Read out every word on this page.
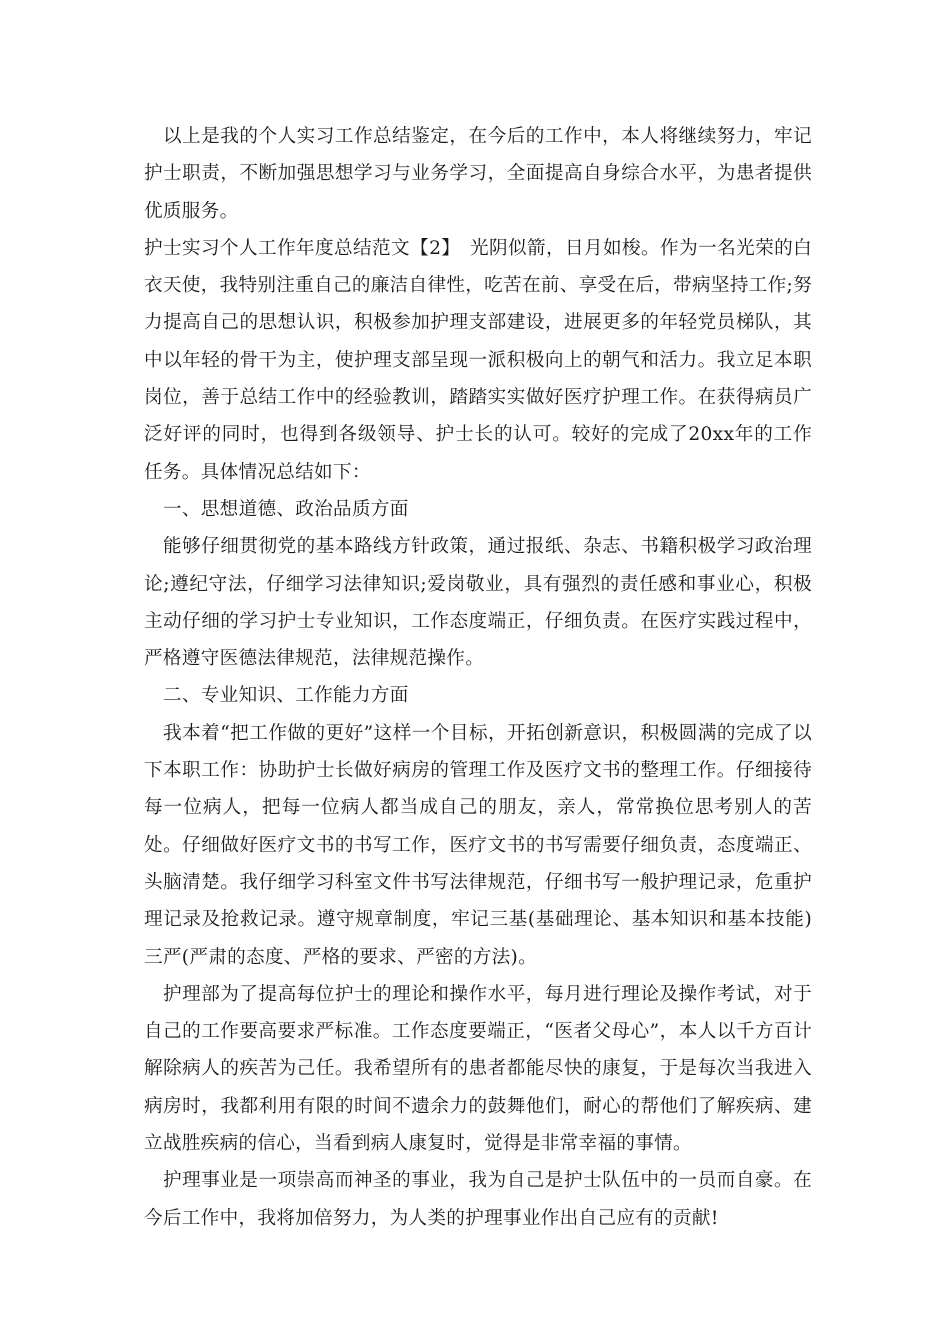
以上是我的个人实习工作总结鉴定，在今后的工作中，本人将继续努力，牢记护士职责，不断加强思想学习与业务学习，全面提高自身综合水平，为患者提供优质服务。

护士实习个人工作年度总结范文【2】　光阴似箭，日月如梭。作为一名光荣的白衣天使，我特别注重自己的廉洁自律性，吃苦在前、享受在后，带病坚持工作;努力提高自己的思想认识，积极参加护理支部建设，进展更多的年轻党员梯队，其中以年轻的骨干为主，使护理支部呈现一派积极向上的朝气和活力。我立足本职岗位，善于总结工作中的经验教训，踏踏实实做好医疗护理工作。在获得病员广泛好评的同时，也得到各级领导、护士长的认可。较好的完成了20xx年的工作任务。具体情况总结如下：

一、思想道德、政治品质方面

能够仔细贯彻党的基本路线方针政策，通过报纸、杂志、书籍积极学习政治理论;遵纪守法，仔细学习法律知识;爱岗敬业，具有强烈的责任感和事业心，积极主动仔细的学习护士专业知识，工作态度端正，仔细负责。在医疗实践过程中，严格遵守医德法律规范，法律规范操作。

二、专业知识、工作能力方面

我本着“把工作做的更好”这样一个目标，开拓创新意识，积极圆满的完成了以下本职工作：协助护士长做好病房的管理工作及医疗文书的整理工作。仔细接待每一位病人，把每一位病人都当成自己的朋友，亲人，常常换位思考别人的苦处。仔细做好医疗文书的书写工作，医疗文书的书写需要仔细负责，态度端正、头脑清楚。我仔细学习科室文件书写法律规范，仔细书写一般护理记录，危重护理记录及抢救记录。遵守规章制度，牢记三基(基础理论、基本知识和基本技能)三严(严肃的态度、严格的要求、严密的方法)。

护理部为了提高每位护士的理论和操作水平，每月进行理论及操作考试，对于自己的工作要高要求严标准。工作态度要端正，“医者父母心”，本人以千方百计解除病人的疾苦为己任。我希望所有的患者都能尽快的康复，于是每次当我进入病房时，我都利用有限的时间不遗余力的鼓舞他们，耐心的帮他们了解疾病、建立战胜疾病的信心，当看到病人康复时，觉得是非常幸福的事情。

护理事业是一项崇高而神圣的事业，我为自己是护士队伍中的一员而自豪。在今后工作中，我将加倍努力，为人类的护理事业作出自己应有的贡献!
